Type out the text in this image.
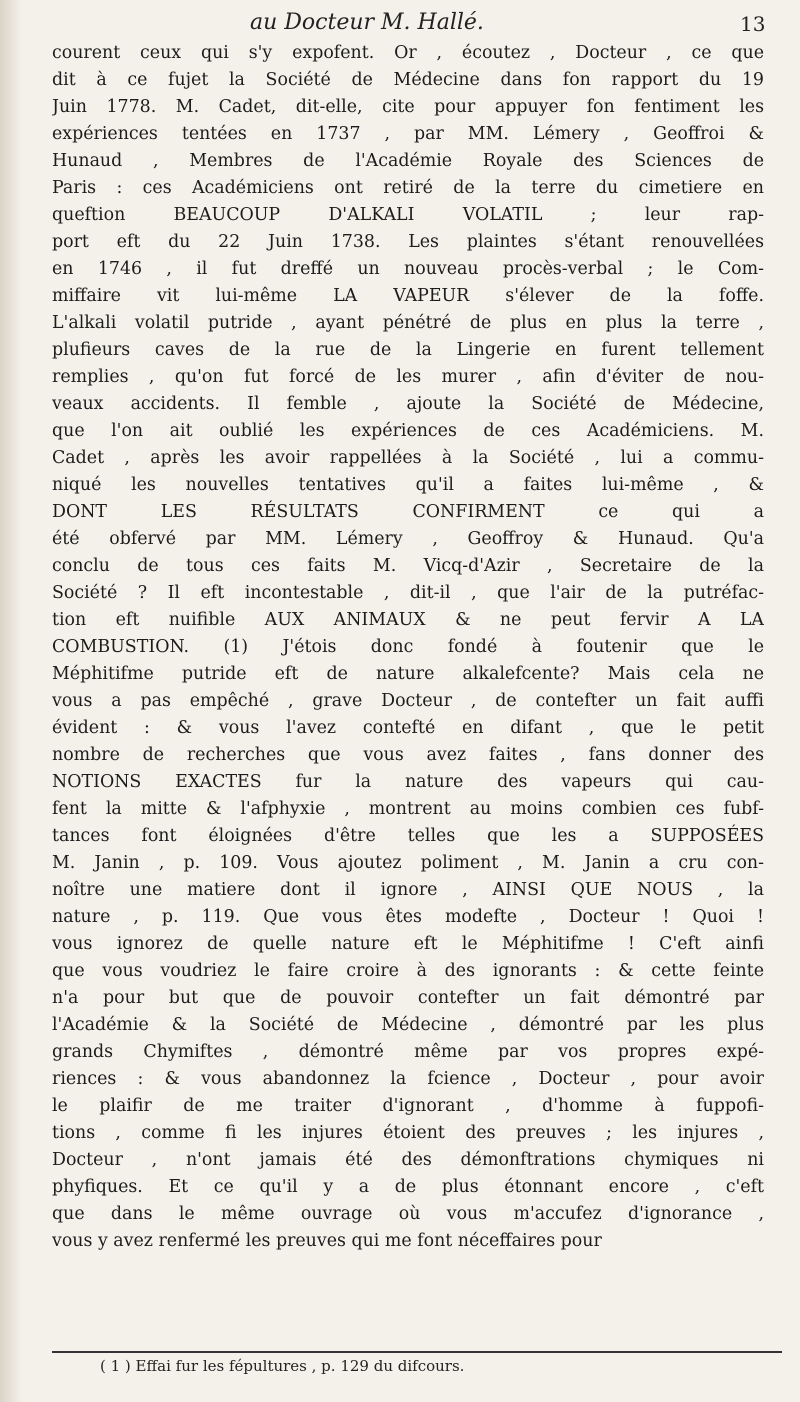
au Docteur M. Hallé.	13
courent ceux qui s'y expofent. Or , écoutez , Docteur , ce que
dit à ce fujet la Société de Médecine dans fon rapport du 19
Juin 1778. M. Cadet, dit-elle, cite pour appuyer fon fentiment les
expériences tentées en 1737 , par MM. Lémery , Geoffroi &
Hunaud , Membres de l'Académie Royale des Sciences de
Paris : ces Académiciens ont retiré de la terre du cimetiere en
queftion BEAUCOUP D'ALKALI VOLATIL ; leur rap-
port eft du 22 Juin 1738. Les plaintes s'étant renouvellées
en 1746 , il fut dreffé un nouveau procès-verbal ; le Com-
miffaire vit lui-même LA VAPEUR s'élever de la foffe.
L'alkali volatil putride , ayant pénétré de plus en plus la terre ,
plufieurs caves de la rue de la Lingerie en furent tellement
remplies , qu'on fut forcé de les murer , afin d'éviter de nou-
veaux accidents. Il femble , ajoute la Société de Médecine,
que l'on ait oublié les expériences de ces Académiciens. M.
Cadet , après les avoir rappellées à la Société , lui a commu-
niqué les nouvelles tentatives qu'il a faites lui-même , &
DONT LES RÉSULTATS CONFIRMENT ce qui a
été obfervé par MM. Lémery , Geoffroy & Hunaud. Qu'a
conclu de tous ces faits M. Vicq-d'Azir , Secretaire de la
Société ? Il eft incontestable , dit-il , que l'air de la putréfac-
tion eft nuifible AUX ANIMAUX & ne peut fervir A LA
COMBUSTION. (1) J'étois donc fondé à foutenir que le
Méphitifme putride eft de nature alkalefcente? Mais cela ne
vous a pas empêché , grave Docteur , de contefter un fait auffi
évident : & vous l'avez contefté en difant , que le petit
nombre de recherches que vous avez faites , fans donner des
NOTIONS EXACTES fur la nature des vapeurs qui cau-
fent la mitte & l'afphyxie , montrent au moins combien ces fubf-
tances font éloignées d'être telles que les a SUPPOSÉES
M. Janin , p. 109. Vous ajoutez poliment , M. Janin a cru con-
noître une matiere dont il ignore , AINSI QUE NOUS , la
nature , p. 119. Que vous êtes modefte , Docteur ! Quoi !
vous ignorez de quelle nature eft le Méphitifme ! C'eft ainfi
que vous voudriez le faire croire à des ignorants : & cette feinte
n'a pour but que de pouvoir contefter un fait démontré par
l'Académie & la Société de Médecine , démontré par les plus
grands Chymiftes , démontré même par vos propres expé-
riences : & vous abandonnez la fcience , Docteur , pour avoir
le plaifir de me traiter d'ignorant , d'homme à fuppofi-
tions , comme fi les injures étoient des preuves ; les injures ,
Docteur , n'ont jamais été des démonftrations chymiques ni
phyfiques. Et ce qu'il y a de plus étonnant encore , c'eft
que dans le même ouvrage où vous m'accufez d'ignorance ,
vous y avez renfermé les preuves qui me font néceffaires pour
( 1 ) Effai fur les fépultures , p. 129 du difcours.
